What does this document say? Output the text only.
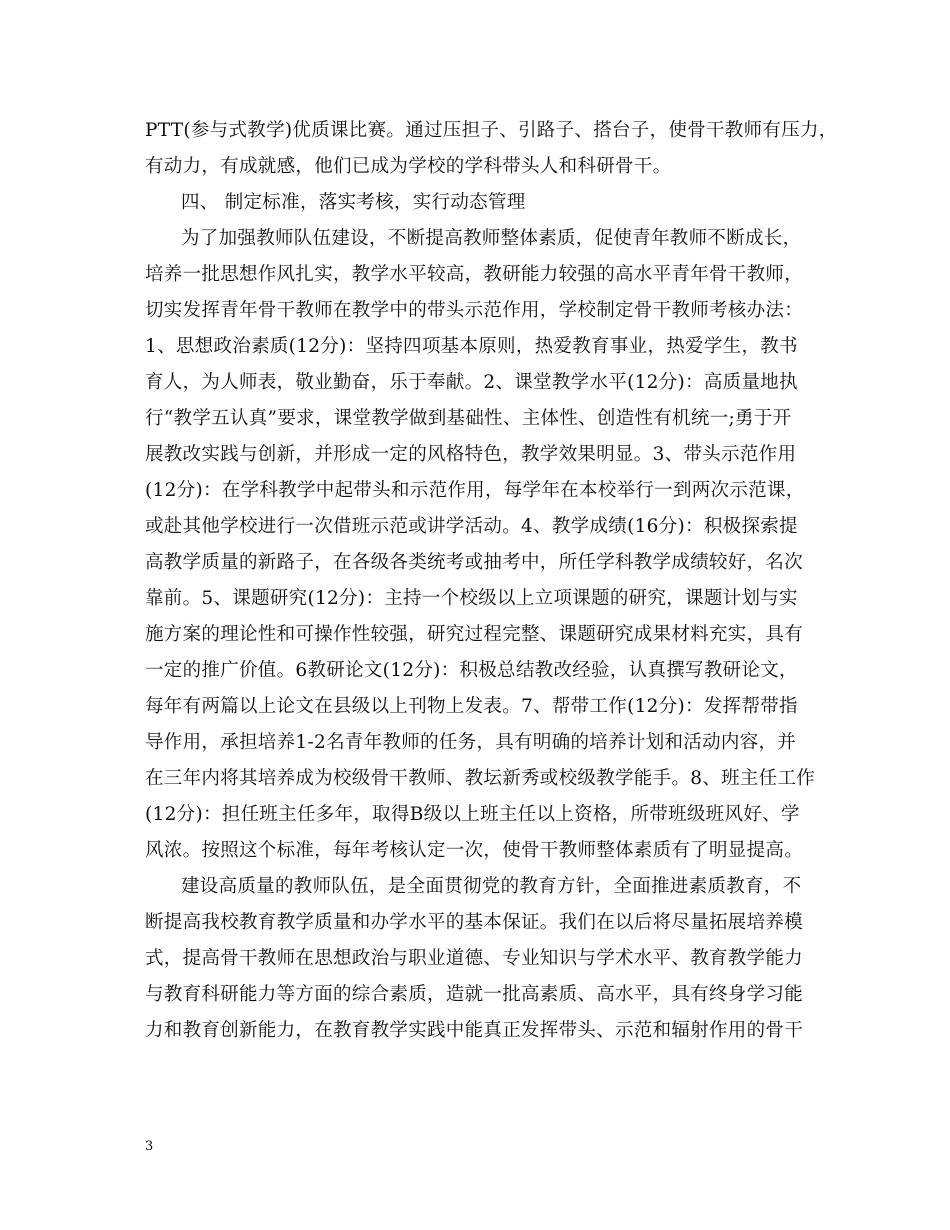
PTT(参与式教学)优质课比赛。通过压担子、引路子、搭台子，使骨干教师有压力，
有动力，有成就感，他们已成为学校的学科带头人和科研骨干。
四、 制定标准，落实考核，实行动态管理
为了加强教师队伍建设，不断提高教师整体素质，促使青年教师不断成长，
培养一批思想作风扎实，教学水平较高，教研能力较强的高水平青年骨干教师，
切实发挥青年骨干教师在教学中的带头示范作用，学校制定骨干教师考核办法：
1、思想政治素质(12分)：坚持四项基本原则，热爱教育事业，热爱学生，教书
育人，为人师表，敬业勤奋，乐于奉献。2、课堂教学水平(12分)：高质量地执
行“教学五认真”要求，课堂教学做到基础性、主体性、创造性有机统一;勇于开
展教改实践与创新，并形成一定的风格特色，教学效果明显。3、带头示范作用
(12分)：在学科教学中起带头和示范作用，每学年在本校举行一到两次示范课，
或赴其他学校进行一次借班示范或讲学活动。4、教学成绩(16分)：积极探索提
高教学质量的新路子，在各级各类统考或抽考中，所任学科教学成绩较好，名次
靠前。5、课题研究(12分)：主持一个校级以上立项课题的研究，课题计划与实
施方案的理论性和可操作性较强，研究过程完整、课题研究成果材料充实，具有
一定的推广价值。6教研论文(12分)：积极总结教改经验，认真撰写教研论文，
每年有两篇以上论文在县级以上刊物上发表。7、帮带工作(12分)：发挥帮带指
导作用，承担培养1-2名青年教师的任务，具有明确的培养计划和活动内容，并
在三年内将其培养成为校级骨干教师、教坛新秀或校级教学能手。8、班主任工作
(12分)：担任班主任多年，取得B级以上班主任以上资格，所带班级班风好、学
风浓。按照这个标准，每年考核认定一次，使骨干教师整体素质有了明显提高。
建设高质量的教师队伍，是全面贯彻党的教育方针，全面推进素质教育，不
断提高我校教育教学质量和办学水平的基本保证。我们在以后将尽量拓展培养模
式，提高骨干教师在思想政治与职业道德、专业知识与学术水平、教育教学能力
与教育科研能力等方面的综合素质，造就一批高素质、高水平，具有终身学习能
力和教育创新能力，在教育教学实践中能真正发挥带头、示范和辐射作用的骨干
3
